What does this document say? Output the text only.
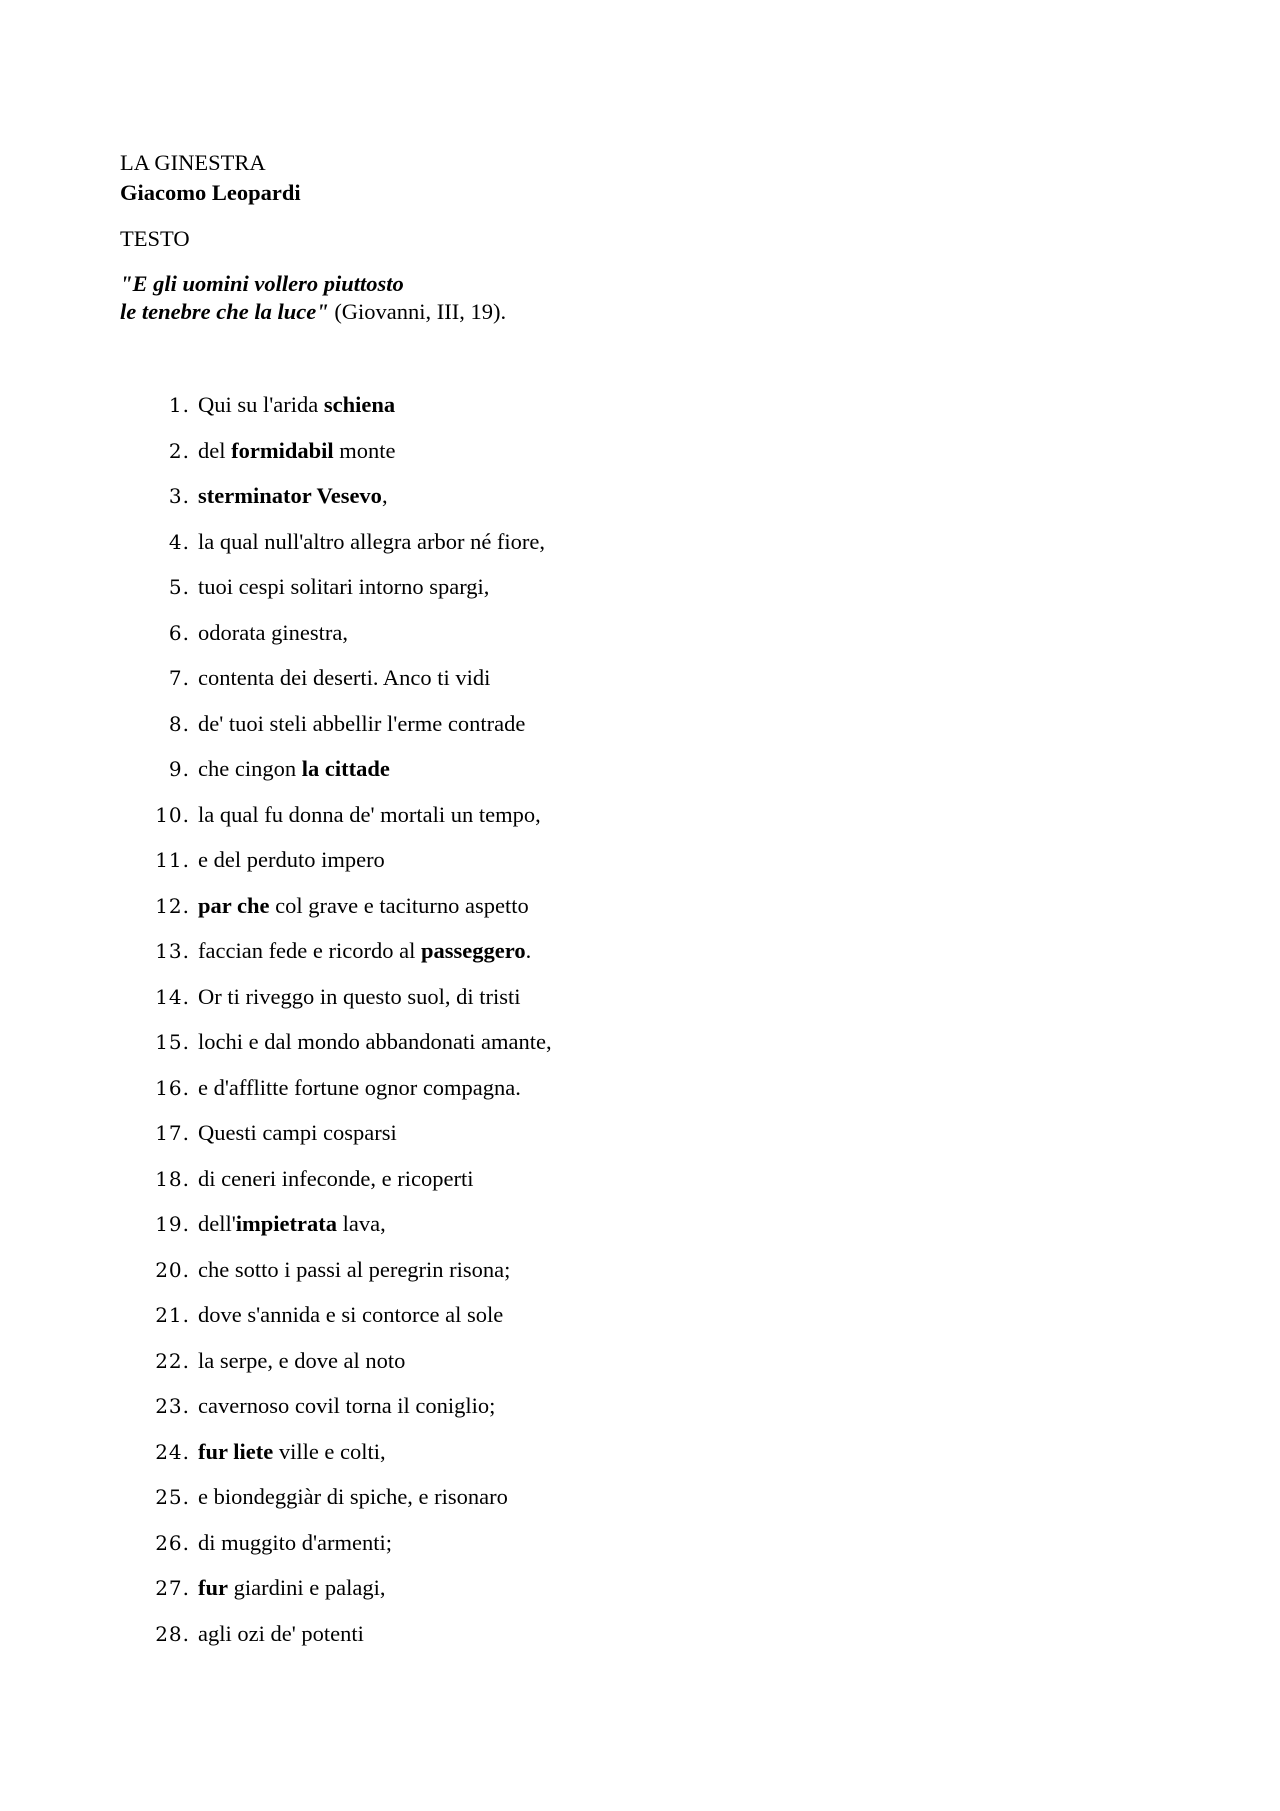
LA GINESTRA
Giacomo Leopardi
TESTO
"E gli uomini vollero piuttosto
le tenebre che la luce" (Giovanni, III, 19).
1. Qui su l'arida schiena
2. del formidabil monte
3. sterminator Vesevo,
4. la qual null'altro allegra arbor né fiore,
5. tuoi cespi solitari intorno spargi,
6. odorata ginestra,
7. contenta dei deserti. Anco ti vidi
8. de' tuoi steli abbellir l'erme contrade
9. che cingon la cittade
10. la qual fu donna de' mortali un tempo,
11. e del perduto impero
12. par che col grave e taciturno aspetto
13. faccian fede e ricordo al passeggero.
14. Or ti riveggo in questo suol, di tristi
15. lochi e dal mondo abbandonati amante,
16. e d'afflitte fortune ognor compagna.
17. Questi campi cosparsi
18. di ceneri infeconde, e ricoperti
19. dell'impietrata lava,
20. che sotto i passi al peregrin risona;
21. dove s'annida e si contorce al sole
22. la serpe, e dove al noto
23. cavernoso covil torna il coniglio;
24. fur liete ville e colti,
25. e biondeggiàr di spiche, e risonaro
26. di muggito d'armenti;
27. fur giardini e palagi,
28. agli ozi de' potenti
